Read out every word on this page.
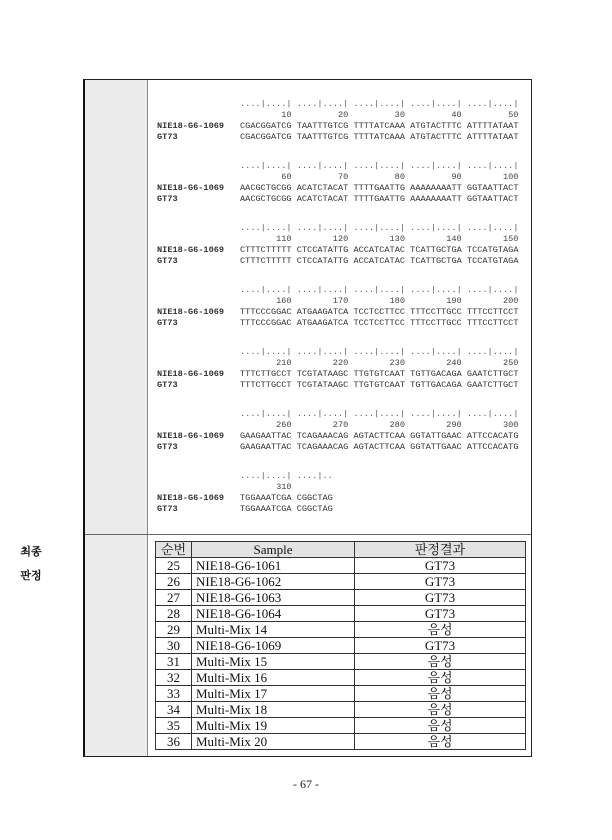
최종
판정
....|....| ....|....| ....|....| ....|....| ....|....|
10	20	30	40	50
NIE18-G6-1069 CGACGGATCG TAATTTGTCG TTTTATCAAA ATGTACTTTC ATTTTATAAT
GT73	CGACGGATCG TAATTTGTCG TTTTATCAAA ATGTACTTTC ATTTTATAAT
....|....| ....|....| ....|....| ....|....| ....|....|
60	70	80	90	100
NIE18-G6-1069 AACGCTGCGG ACATCTACAT TTTTGAATTG AAAAAAAATT GGTAATTACT
GT73	AACGCTGCGG ACATCTACAT TTTTGAATTG AAAAAAAATT GGTAATTACT
....|....| ....|....| ....|....| ....|....| ....|....|
110	120	130	140	150
NIE18-G6-1069 CTTTCTTTTT CTCCATATTG ACCATCATAC TCATTGCTGA TCCATGTAGA
GT73	CTTTCTTTTT CTCCATATTG ACCATCATAC TCATTGCTGA TCCATGTAGA
....|....| ....|....| ....|....| ....|....| ....|....|
160	170	180	190	200
NIE18-G6-1069 TTTCCCGGAC ATGAAGATCA TCCTCCTTCC TTTCCTTGCC TTTCCTTCCT
GT73	TTTCCCGGAC ATGAAGATCA TCCTCCTTCC TTTCCTTGCC TTTCCTTCCT
....|....| ....|....| ....|....| ....|....| ....|....|
210	220	230	240	250
NIE18-G6-1069 TTTCTTGCCT TCGTATAAGC TTGTGTCAAT TGTTGACAGA GAATCTTGCT
GT73	TTTCTTGCCT TCGTATAAGC TTGTGTCAAT TGTTGACAGA GAATCTTGCT
....|....| ....|....| ....|....| ....|....| ....|....|
260	270	280	290	300
NIE18-G6-1069 GAAGAATTAC TCAGAAACAG AGTACTTCAA GGTATTGAAC ATTCCACATG
GT73	GAAGAATTAC TCAGAAACAG AGTACTTCAA GGTATTGAAC ATTCCACATG
....|....| ....|..
310
NIE18-G6-1069 TGGAAATCGA CGGCTAG
GT73	TGGAAATCGA CGGCTAG
순번	Sample	판정결과
25	NIE18-G6-1061	GT73
26	NIE18-G6-1062	GT73
27	NIE18-G6-1063	GT73
28	NIE18-G6-1064	GT73
29	Multi-Mix 14	음성
30	NIE18-G6-1069	GT73
31	Multi-Mix 15	음성
32	Multi-Mix 16	음성
33	Multi-Mix 17	음성
34	Multi-Mix 18	음성
35	Multi-Mix 19	음성
36	Multi-Mix 20	음성
- 67 -
